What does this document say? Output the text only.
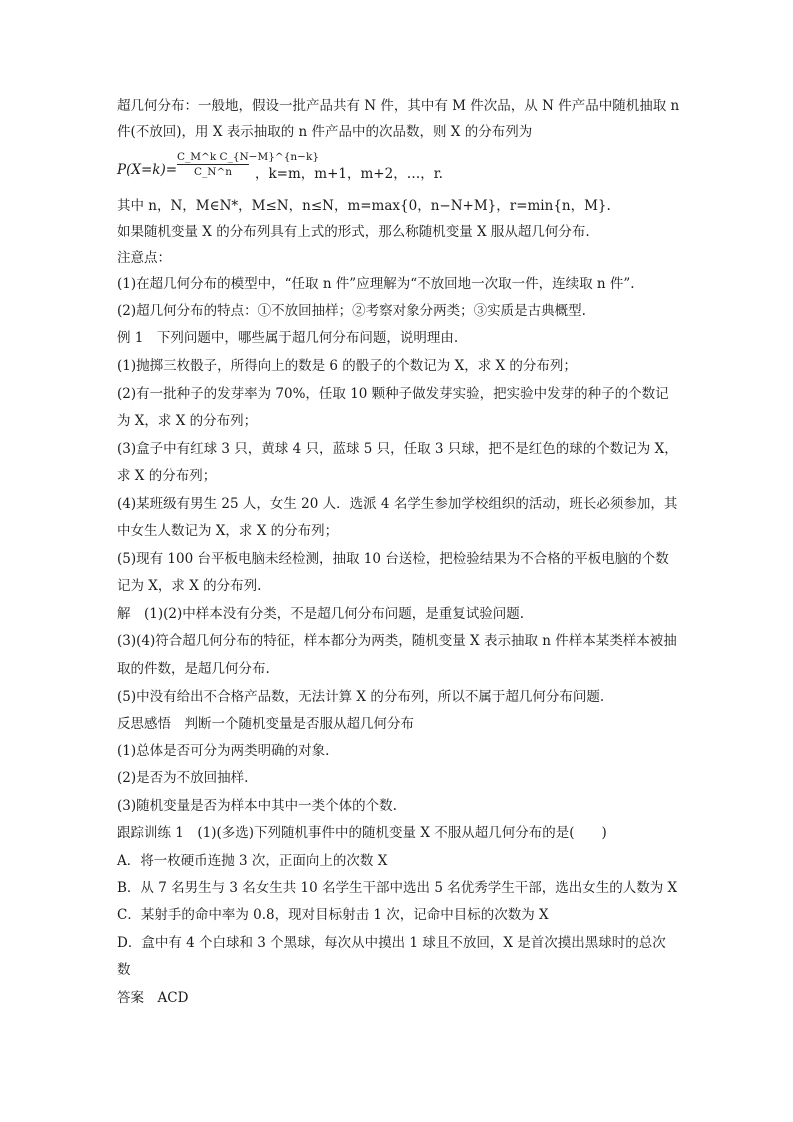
超几何分布：一般地，假设一批产品共有 N 件，其中有 M 件次品，从 N 件产品中随机抽取 n
件(不放回)，用 X 表示抽取的 n 件产品中的次品数，则 X 的分布列为
$P(X=k)= \frac{\text{C\_M\textasciicircum{}k C\_\{N−M\}\textasciicircum{}\{n−k\}}}{C\_N\^{}n}$ ，k=m，m+1，m+2，…，r.
其中 n，N，M∈N*，M≤N，n≤N，m=max{0，n−N+M}，r=min{n，M}.
如果随机变量 X 的分布列具有上式的形式，那么称随机变量 X 服从超几何分布.
注意点：
(1)在超几何分布的模型中，“任取 n 件”应理解为“不放回地一次取一件，连续取 n 件”.
(2)超几何分布的特点：①不放回抽样；②考察对象分两类；③实质是古典概型.
例 1　下列问题中，哪些属于超几何分布问题，说明理由.
(1)抛掷三枚骰子，所得向上的数是 6 的骰子的个数记为 X，求 X 的分布列；
(2)有一批种子的发芽率为 70%，任取 10 颗种子做发芽实验，把实验中发芽的种子的个数记
为 X，求 X 的分布列；
(3)盒子中有红球 3 只，黄球 4 只，蓝球 5 只，任取 3 只球，把不是红色的球的个数记为 X，
求 X 的分布列；
(4)某班级有男生 25 人，女生 20 人．选派 4 名学生参加学校组织的活动，班长必须参加，其
中女生人数记为 X，求 X 的分布列；
(5)现有 100 台平板电脑未经检测，抽取 10 台送检，把检验结果为不合格的平板电脑的个数
记为 X，求 X 的分布列.
解　(1)(2)中样本没有分类，不是超几何分布问题，是重复试验问题.
(3)(4)符合超几何分布的特征，样本都分为两类，随机变量 X 表示抽取 n 件样本某类样本被抽
取的件数，是超几何分布.
(5)中没有给出不合格产品数，无法计算 X 的分布列，所以不属于超几何分布问题.
反思感悟　判断一个随机变量是否服从超几何分布
(1)总体是否可分为两类明确的对象.
(2)是否为不放回抽样.
(3)随机变量是否为样本中其中一类个体的个数.
跟踪训练 1　(1)(多选)下列随机事件中的随机变量 X 不服从超几何分布的是(　　)
A．将一枚硬币连抛 3 次，正面向上的次数 X
B．从 7 名男生与 3 名女生共 10 名学生干部中选出 5 名优秀学生干部，选出女生的人数为 X
C．某射手的命中率为 0.8，现对目标射击 1 次，记命中目标的次数为 X
D．盒中有 4 个白球和 3 个黑球，每次从中摸出 1 球且不放回，X 是首次摸出黑球时的总次
数
答案　ACD
